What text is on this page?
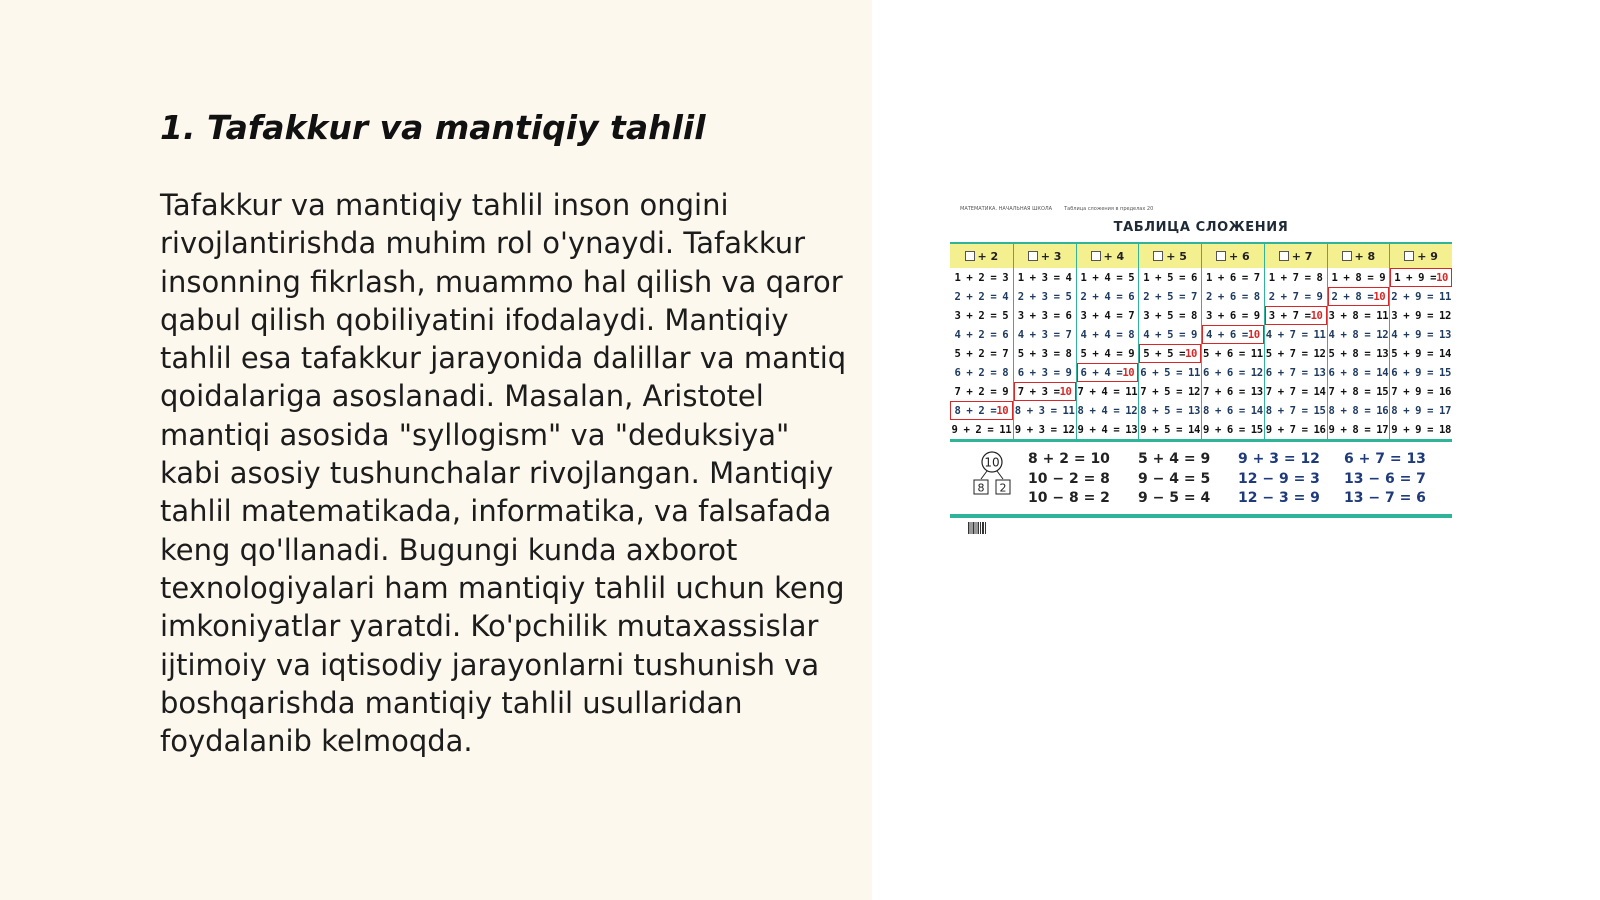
1. Tafakkur va mantiqiy tahlil

Tafakkur va mantiqiy tahlil inson ongini rivojlantirishda muhim rol o'ynaydi. Tafakkur insonning fikrlash, muammo hal qilish va qaror qabul qilish qobiliyatini ifodalaydi. Mantiqiy tahlil esa tafakkur jarayonida dalillar va mantiq qoidalariga asoslanadi. Masalan, Aristotel mantiqi asosida "syllogism" va "deduksiya" kabi asosiy tushunchalar rivojlangan. Mantiqiy tahlil matematikada, informatika, va falsafada keng qo'llanadi. Bugungi kunda axborot texnologiyalari ham mantiqiy tahlil uchun keng imkoniyatlar yaratdi. Ko'pchilik mutaxassislar ijtimoiy va iqtisodiy jarayonlarni tushunish va boshqarishda mantiqiy tahlil usullaridan foydalanib kelmoqda.

МАТЕМАТИКА. НАЧАЛЬНАЯ ШКОЛА Таблица сложения в пределах 20
ТАБЛИЦА СЛОЖЕНИЯ
+ 2
1 + 2 = 3
2 + 2 = 4
3 + 2 = 5
4 + 2 = 6
5 + 2 = 7
6 + 2 = 8
7 + 2 = 9
8 + 2 = 10
9 + 2 = 11
+ 3
1 + 3 = 4
2 + 3 = 5
3 + 3 = 6
4 + 3 = 7
5 + 3 = 8
6 + 3 = 9
7 + 3 = 10
8 + 3 = 11
9 + 3 = 12
+ 4
1 + 4 = 5
2 + 4 = 6
3 + 4 = 7
4 + 4 = 8
5 + 4 = 9
6 + 4 = 10
7 + 4 = 11
8 + 4 = 12
9 + 4 = 13
+ 5
1 + 5 = 6
2 + 5 = 7
3 + 5 = 8
4 + 5 = 9
5 + 5 = 10
6 + 5 = 11
7 + 5 = 12
8 + 5 = 13
9 + 5 = 14
+ 6
1 + 6 = 7
2 + 6 = 8
3 + 6 = 9
4 + 6 = 10
5 + 6 = 11
6 + 6 = 12
7 + 6 = 13
8 + 6 = 14
9 + 6 = 15
+ 7
1 + 7 = 8
2 + 7 = 9
3 + 7 = 10
4 + 7 = 11
5 + 7 = 12
6 + 7 = 13
7 + 7 = 14
8 + 7 = 15
9 + 7 = 16
+ 8
1 + 8 = 9
2 + 8 = 10
3 + 8 = 11
4 + 8 = 12
5 + 8 = 13
6 + 8 = 14
7 + 8 = 15
8 + 8 = 16
9 + 8 = 17
+ 9
1 + 9 = 10
2 + 9 = 11
3 + 9 = 12
4 + 9 = 13
5 + 9 = 14
6 + 9 = 15
7 + 9 = 16
8 + 9 = 17
9 + 9 = 18
10
8 2
8 + 2 = 10
10 − 2 = 8
10 − 8 = 2
5 + 4 = 9
9 − 4 = 5
9 − 5 = 4
9 + 3 = 12
12 − 9 = 3
12 − 3 = 9
6 + 7 = 13
13 − 6 = 7
13 − 7 = 6
